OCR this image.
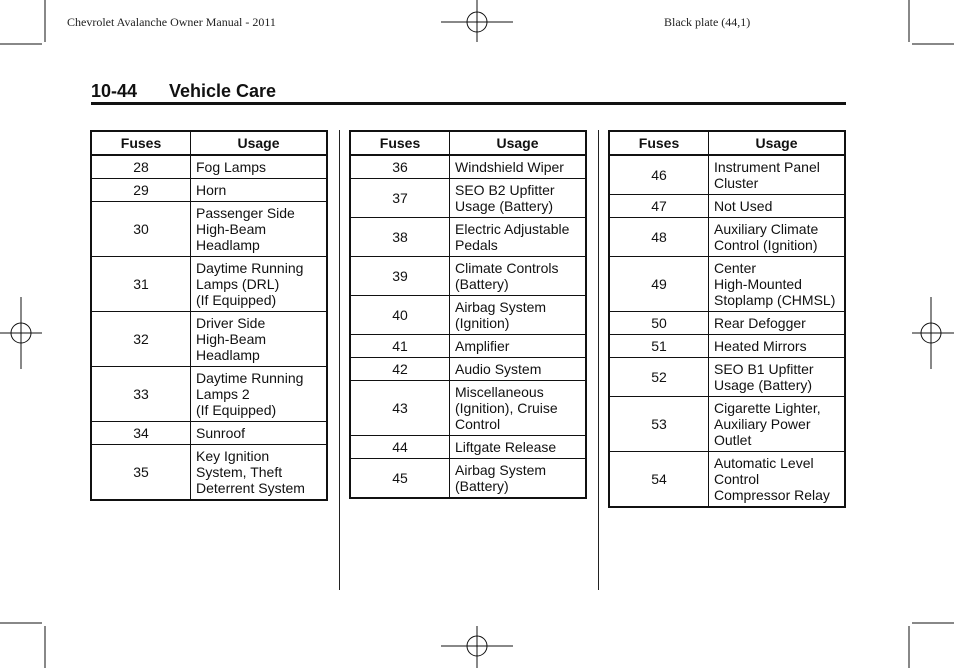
Chevrolet Avalanche Owner Manual - 2011	Black plate (44,1)
10-44 Vehicle Care
Fuses	Usage
28	Fog Lamps
29	Horn
30	Passenger Side
High-Beam
Headlamp
31	Daytime Running
Lamps (DRL)
(If Equipped)
32	Driver Side
High-Beam
Headlamp
33	Daytime Running
Lamps 2
(If Equipped)
34	Sunroof
35	Key Ignition
System, Theft
Deterrent System
Fuses	Usage
36	Windshield Wiper
37	SEO B2 Upfitter
Usage (Battery)
38	Electric Adjustable
Pedals
39	Climate Controls
(Battery)
40	Airbag System
(Ignition)
41	Amplifier
42	Audio System
43	Miscellaneous
(Ignition), Cruise
Control
44	Liftgate Release
45	Airbag System
(Battery)
Fuses	Usage
46	Instrument Panel
Cluster
47	Not Used
48	Auxiliary Climate
Control (Ignition)
49	Center
High-Mounted
Stoplamp (CHMSL)
50	Rear Defogger
51	Heated Mirrors
52	SEO B1 Upfitter
Usage (Battery)
53	Cigarette Lighter,
Auxiliary Power
Outlet
54	Automatic Level
Control
Compressor Relay
